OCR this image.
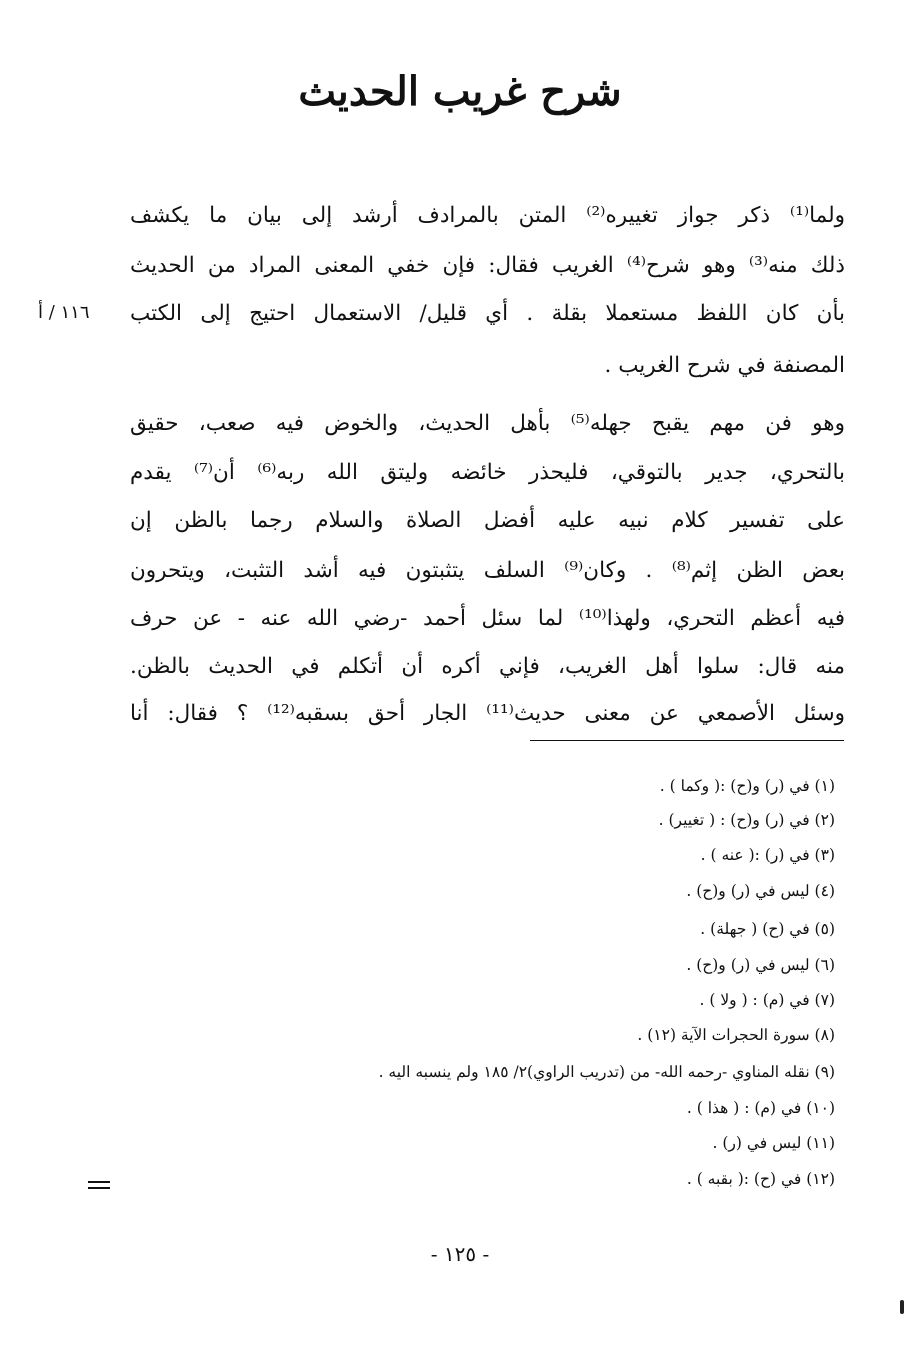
شرح غريب الحديث
ولما⁽¹⁾ ذكر جواز تغييره⁽²⁾ المتن بالمرادف أرشد إلى بيان ما يكشف
ذلك منه⁽³⁾ وهو شرح⁽⁴⁾ الغريب فقال: فإن خفي المعنى المراد من الحديث
بأن كان اللفظ مستعملا بقلة . أي قليل/ الاستعمال احتيج إلى الكتب
المصنفة في شرح الغريب .
وهو فن مهم يقبح جهله⁽⁵⁾ بأهل الحديث، والخوض فيه صعب، حقيق
بالتحري، جدير بالتوقي، فليحذر خائضه وليتق الله ربه⁽⁶⁾ أن⁽⁷⁾ يقدم
على تفسير كلام نبيه عليه أفضل الصلاة والسلام رجما بالظن إن
بعض الظن إثم⁽⁸⁾ . وكان⁽⁹⁾ السلف يتثبتون فيه أشد التثبت، ويتحرون
فيه أعظم التحري، ولهذا⁽¹⁰⁾ لما سئل أحمد -رضي الله عنه - عن حرف
منه قال: سلوا أهل الغريب، فإني أكره أن أتكلم في الحديث بالظن.
وسئل الأصمعي عن معنى حديث⁽¹¹⁾ الجار أحق بسقبه⁽¹²⁾ ؟ فقال: أنا
١١٦ / أ
(١) في (ر) و(ح) :( وكما ) .
(٢) في (ر) و(ح) : ( تغيير) .
(٣) في (ر) :( عنه ) .
(٤) ليس في (ر) و(ح) .
(٥) في (ح) ( جهلة) .
(٦) ليس في (ر) و(ح) .
(٧) في (م) : ( ولا ) .
(٨) سورة الحجرات الآية (١٢) .
(٩) نقله المناوي -رحمه الله- من (تدريب الراوي)٢/ ١٨٥ ولم ينسبه اليه .
(١٠) في (م) : ( هذا ) .
(١١) ليس في (ر) .
(١٢) في (ح) :( بقبه ) .
- ١٢٥ -
